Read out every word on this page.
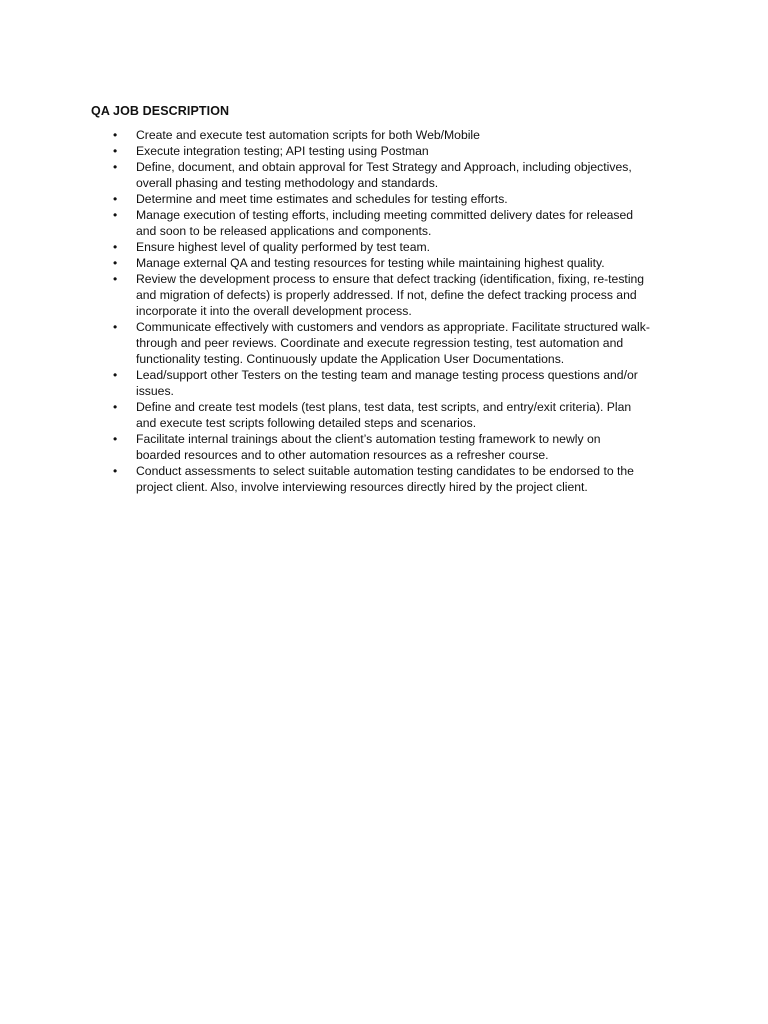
QA JOB DESCRIPTION
• Create and execute test automation scripts for both Web/Mobile
• Execute integration testing; API testing using Postman
• Define, document, and obtain approval for Test Strategy and Approach, including objectives,
overall phasing and testing methodology and standards.
• Determine and meet time estimates and schedules for testing efforts.
• Manage execution of testing efforts, including meeting committed delivery dates for released
and soon to be released applications and components.
• Ensure highest level of quality performed by test team.
• Manage external QA and testing resources for testing while maintaining highest quality.
• Review the development process to ensure that defect tracking (identification, fixing, re-testing
and migration of defects) is properly addressed. If not, define the defect tracking process and
incorporate it into the overall development process.
• Communicate effectively with customers and vendors as appropriate. Facilitate structured walk-
through and peer reviews. Coordinate and execute regression testing, test automation and
functionality testing. Continuously update the Application User Documentations.
• Lead/support other Testers on the testing team and manage testing process questions and/or
issues.
• Define and create test models (test plans, test data, test scripts, and entry/exit criteria). Plan
and execute test scripts following detailed steps and scenarios.
• Facilitate internal trainings about the client’s automation testing framework to newly on
boarded resources and to other automation resources as a refresher course.
• Conduct assessments to select suitable automation testing candidates to be endorsed to the
project client. Also, involve interviewing resources directly hired by the project client.
